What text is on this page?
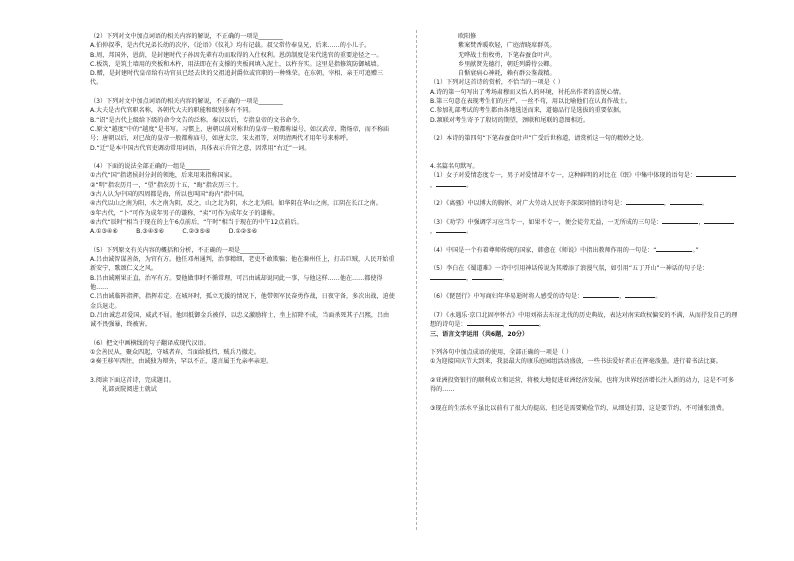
（2）下列对文中加点词语的相关内容的解说，不正确的一项是________

A.伯仲叔季，是古代兄弟长幼的次序，《论语》《仪礼》均有记载。叔父常侍奉皇兄，后来……的小儿子。

B.周，邦国外，恩荫，是封建时代子孙因先辈有功而取得的入仕权利。恩荫制度是宋代选官的重要途径之一。

C.板筑，是筑土墙用的夹板和木杵，用法即在有支撑的夹板间填入泥土，以杵夯实。这里是指修筑防御城墙。

D.赠，是封建时代皇帝给有功官员已经去世的父祖追封爵位或官职的一种殊荣。在东朝，宰相、亲王可追赠三代。

（3）下列对文中加点词语的相关内容的解说，不正确的一项是________

A.大夫是古代官职名称，各朝代大夫的职能和级别多有不同。

B.“诏”是古代上级给下级的命令文告的泛称。秦汉以后，专指皇帝的文书命令。

C.原文“越度”中的“越度”是书写。习惯上，唐朝以前对称世的皇帝一般都称谥号，如汉武帝、隋炀帝，而不称庙号；唐朝以后，对已故的皇帝一般都称庙号，如唐太宗、宋太祖等，对明清两代才用年号来称呼。

D.“迁”是本中国古代官吏调动常用词语，具体表示升官之意，因常用“右迁”一词。

（4）下面的说法全部正确的一组是________

①古代“国”指诸侯封分封的领地，后来用来指称国家。

②“明”指农历月一，“望”指农历十五，“晦”指农历三十。

③古人认为中国的四周都是海，所以也叫国“海内”指中国。

④古代以山之南为阳，水之南为阴，反之，山之北为阴，水之北为阳。如华阴在华山之南，江阴在长江之南。

⑤年古代，“卜”可作为成年男子的谦称，“卖”可作为成年女子的谦称。

⑥古代“辰时”相当于现在的上午6点前后，“午时”相当于现在的中午12点前后。

A.①③④⑥　　　B.③④⑤⑥　　　C.②③⑤⑥　　　D.①②⑤⑥

（5）下列原文有关内容的概括和分析，不正确的一项是________

A.吕由诚智谋善备，为官有方。他任邓州通判，治事精细，老吏不敢欺骗；他在滁州任上，打击巨贼，人民开始重新安宁，歌颂仁义之风。

B.吕由诚刚果正直，治军有方。要他做事时不循常理，可吕由诚却说同此一事，与他这样……他在……都使得他……

C.吕由诚临阵指挥，指挥若定。在城坏时，孤立无援的情况下，他带领军民奋勇作战，日夜守备，多次出战，迫使金兵退走。

D.吕由诚忠君爱国，威武不屈。他因抵御金兵被俘，以忠义激励将士，坐上招降不成，当面杀死其子吕熙，吕由诚不畏强暴，终被害。

（6）把文中画横线的句子翻译成现代汉语。

①会善民从，聚众四起，守城者弃，当面给抵挡，贼兵乃撤走。

②奏王移军西往，由诚独为辩外，罕以不正，遂言属王允亲率亲迎。

3.阅读下面这首诗，完成题目。

礼部贡院阅进士就试

欧阳修

紫案焚香暖吹轻，广庭清晓席群英。

无哗战士衔枚勇，下笔春蚕食叶声。

乡里献贤先德行，朝廷列爵待公卿。

自惭衰病心神耗，赖有群公鉴裁精。

（1）下列对这首诗的赏析，不恰当的一项是（ ）

A.诗的第一句写出了考场肃穆而又怡人的环境，衬托出作者的喜悦心情。

B.第三句意在表现考生们的庄严、一丝不苟，用以比喻他们在认真作战士。

C.参加礼部考试的考生都由各地选送而来，道德品行是选拔的重要依据。

D.颔联对考生寄予了殷切的期望，颈联和尾联的意图相近。

（2）本诗的第四句“下笔春蚕食叶声”广受后世称道，请赏析这一句的精妙之处。

4.名篇名句默写。

（1）女子对爱情态度专一，男子对爱情却不专一，这种鲜明的对比在《氓》中集中体现的语句是：，	。

（2）《离骚》中以博大的胸怀，对广大劳动人民寄予深深同情的诗句是：	，	。

（3）《劝学》中强调学习应当专一，如果不专一，便会徒劳无益，一无所成的三句是：	，，	。

（4）中国是一个有着尊师传统的国家，韩愈在《师说》中指出教师作用的一句是：“	。”

（5）李白在《蜀道难》一诗中引用神话传说为其增添了浪漫气氛，如引用“五丁开山”一神话的句子是：，	。

（6）《琵琶行》中写商妇年华易逝时将人感受的诗句是：	，	。

（7）《永遇乐·京口北固亭怀古》中用刘裕去东征北伐的历史典故，表达对南宋政权偏安的不满，从而抒发自己的理想的诗句是：	，	。

三、语言文字运用（共6题，20分）

下列各句中加点成语的使用，全部正确的一项是（ ）

①为迎接国庆节大到来，我县最大的康乐庭园组活动盛放，一些书法爱好者正在挥毫泼墨，进行着书法比赛。

②亚洲投资银行的顺利成立和运营，将极大地促进亚洲经济发展，也将为世界经济增长注入新的动力，这是不可多得的……

③现在的生活水平虽比以前有了很大的提高，但还是需要勤俭节约，从细处打算，这是要节约，不可铺张浪费。
